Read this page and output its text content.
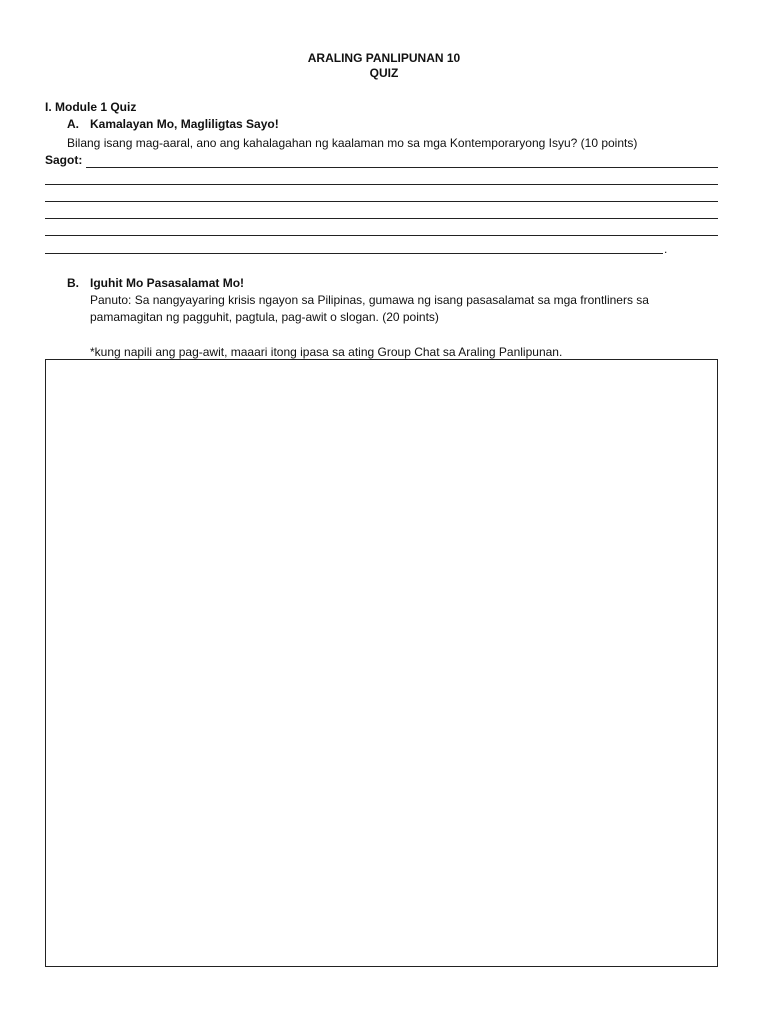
ARALING PANLIPUNAN 10
QUIZ
I. Module 1 Quiz
A. Kamalayan Mo, Magliligtas Sayo!
Bilang isang mag-aaral, ano ang kahalagahan ng kaalaman mo sa mga Kontemporaryong Isyu? (10 points)
Sagot:
.
B. Iguhit Mo Pasasalamat Mo!
Panuto: Sa nangyayaring krisis ngayon sa Pilipinas, gumawa ng isang pasasalamat sa mga frontliners sa
pamamagitan ng pagguhit, pagtula, pag-awit o slogan. (20 points)
*kung napili ang pag-awit, maaari itong ipasa sa ating Group Chat sa Araling Panlipunan.
